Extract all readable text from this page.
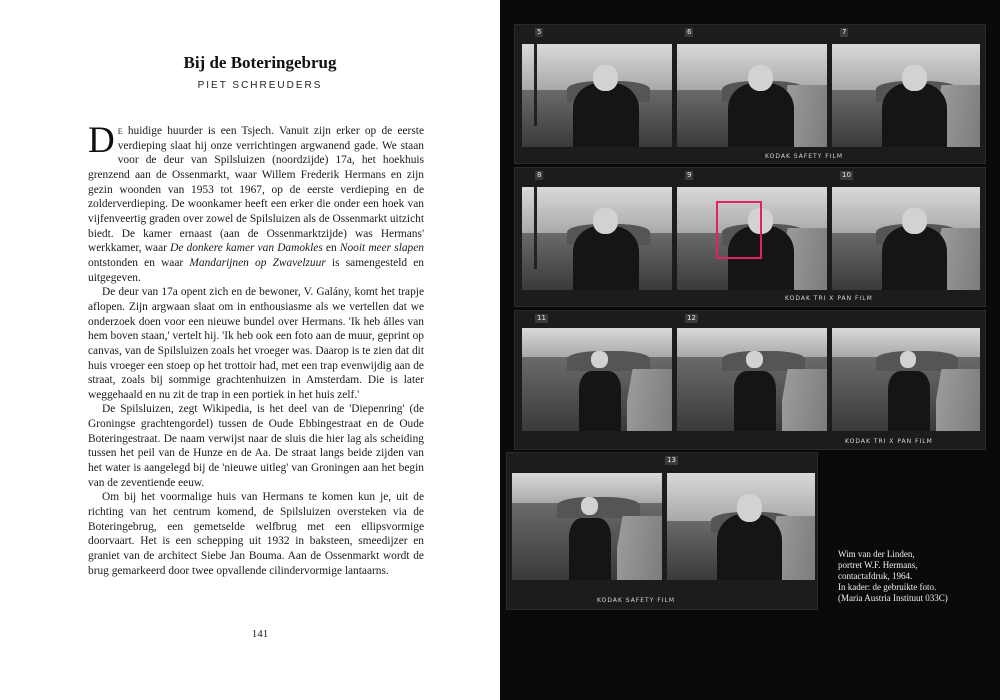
Bij de Boteringebrug
PIET SCHREUDERS

De huidige huurder is een Tsjech. Vanuit zijn erker op de eerste verdieping slaat hij onze verrichtingen argwanend gade. We staan voor de deur van Spilsluizen (noordzijde) 17a, het hoekhuis grenzend aan de Ossenmarkt, waar Willem Frederik Hermans en zijn gezin woonden van 1953 tot 1967, op de eerste verdieping en de zolderverdieping. De woonkamer heeft een erker die onder een hoek van vijfenveertig graden over zowel de Spilsluizen als de Ossenmarkt uitzicht biedt. De kamer ernaast (aan de Ossenmarktzijde) was Hermans' werkkamer, waar De donkere kamer van Damokles en Nooit meer slapen ontstonden en waar Mandarijnen op Zwavelzuur is samengesteld en uitgegeven.

De deur van 17a opent zich en de bewoner, V. Galány, komt het trapje aflopen. Zijn argwaan slaat om in enthousiasme als we vertellen dat we onderzoek doen voor een nieuwe bundel over Hermans. 'Ik heb álles van hem boven staan,' vertelt hij. 'Ik heb ook een foto aan de muur, geprint op canvas, van de Spilsluizen zoals het vroeger was. Daarop is te zien dat dit huis vroeger een stoep op het trottoir had, met een trap evenwijdig aan de straat, zoals bij sommige grachtenhuizen in Amsterdam. Die is later weggehaald en nu zit de trap in een portiek in het huis zelf.'

De Spilsluizen, zegt Wikipedia, is het deel van de 'Diepenring' (de Groningse grachtengordel) tussen de Oude Ebbingestraat en de Oude Boteringestraat. De naam verwijst naar de sluis die hier lag als scheiding tussen het peil van de Hunze en de Aa. De straat langs beide zijden van het water is aangelegd bij de 'nieuwe uitleg' van Groningen aan het begin van de zeventiende eeuw.

Om bij het voormalige huis van Hermans te komen kun je, uit de richting van het centrum komend, de Spilsluizen oversteken via de Boteringebrug, een gemetselde welfbrug met een ellipsvormige doorvaart. Het is een schepping uit 1932 in baksteen, smeedijzer en graniet van de architect Siebe Jan Bouma. Aan de Ossenmarkt wordt de brug gemarkeerd door twee opvallende cilindervormige lantaarns.

141
5	6	7
KODAK SAFETY FILM
8	9	10
KODAK TRI X PAN FILM
11	12
KODAK TRI X PAN FILM
13
KODAK SAFETY FILM
Wim van der Linden,
portret W.F. Hermans,
contactafdruk, 1964.
In kader: de gebruikte foto.
(Maria Austria Instituut 033C)
